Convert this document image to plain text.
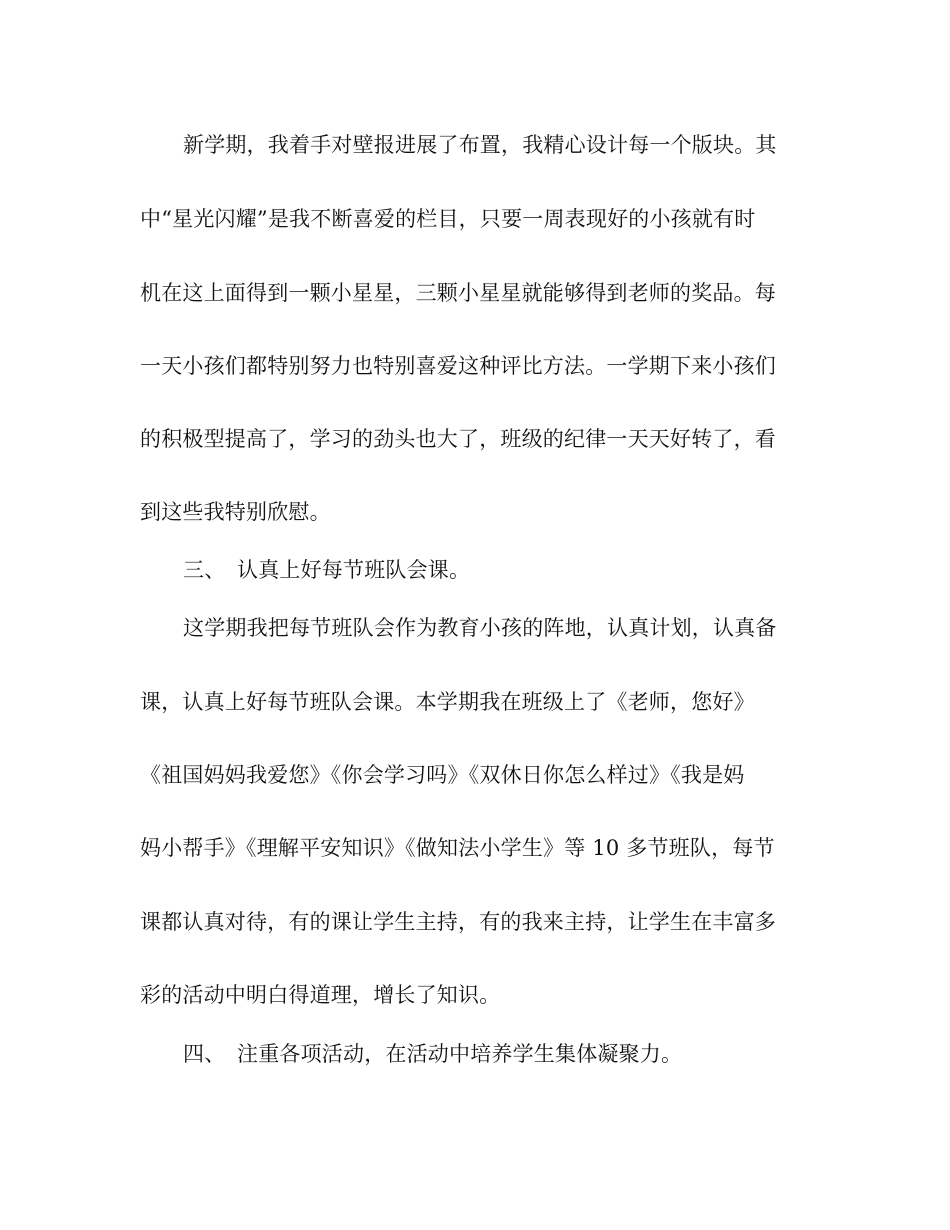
新学期，我着手对壁报进展了布置，我精心设计每一个版块。其

中“星光闪耀”是我不断喜爱的栏目，只要一周表现好的小孩就有时

机在这上面得到一颗小星星，三颗小星星就能够得到老师的奖品。每

一天小孩们都特别努力也特别喜爱这种评比方法。一学期下来小孩们

的积极型提高了，学习的劲头也大了，班级的纪律一天天好转了，看

到这些我特别欣慰。

三、 认真上好每节班队会课。

这学期我把每节班队会作为教育小孩的阵地，认真计划，认真备

课，认真上好每节班队会课。本学期我在班级上了《老师，您好》

《祖国妈妈我爱您》《你会学习吗》《双休日你怎么样过》《我是妈

妈小帮手》《理解平安知识》《做知法小学生》等 10 多节班队，每节

课都认真对待，有的课让学生主持，有的我来主持，让学生在丰富多

彩的活动中明白得道理，增长了知识。

四、 注重各项活动，在活动中培养学生集体凝聚力。
